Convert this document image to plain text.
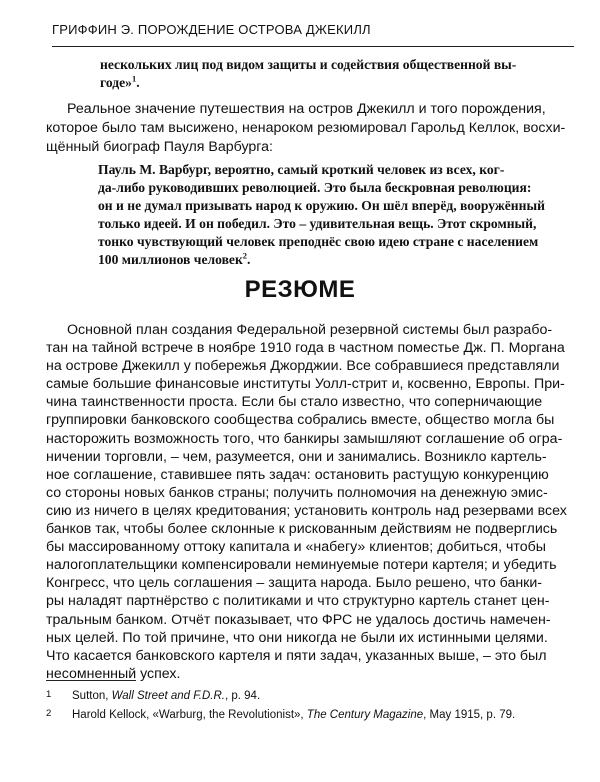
ГРИФФИН Э. ПОРОЖДЕНИЕ ОСТРОВА ДЖЕКИЛЛ
нескольких лиц под видом защиты и содействия общественной вы-
годе»$^1$.
Реальное значение путешествия на остров Джекилл и того порождения,
которое было там высижено, ненароком резюмировал Гарольд Келлок, восхи-
щённый биограф Пауля Варбурга:
Пауль М. Варбург, вероятно, самый кроткий человек из всех, ког-
да-либо руководивших революцией. Это была бескровная революция:
он и не думал призывать народ к оружию. Он шёл вперёд, вооружённый
только идеей. И он победил. Это – удивительная вещь. Этот скромный,
тонко чувствующий человек преподнёс свою идею стране с населением
100 миллионов человек$^2$.
РЕЗЮМЕ
Основной план создания Федеральной резервной системы был разрабо-
тан на тайной встрече в ноябре 1910 года в частном поместье Дж. П. Моргана
на острове Джекилл у побережья Джорджии. Все собравшиеся представляли
самые большие финансовые институты Уолл-стрит и, косвенно, Европы. При-
чина таинственности проста. Если бы стало известно, что соперничающие
группировки банковского сообщества собрались вместе, общество могла бы
насторожить возможность того, что банкиры замышляют соглашение об огра-
ничении торговли, – чем, разумеется, они и занимались. Возникло картель-
ное соглашение, ставившее пять задач: остановить растущую конкуренцию
со стороны новых банков страны; получить полномочия на денежную эмис-
сию из ничего в целях кредитования; установить контроль над резервами всех
банков так, чтобы более склонные к рискованным действиям не подверглись
бы массированному оттоку капитала и «набегу» клиентов; добиться, чтобы
налогоплательщики компенсировали неминуемые потери картеля; и убедить
Конгресс, что цель соглашения – защита народа. Было решено, что банки-
ры наладят партнёрство с политиками и что структурно картель станет цен-
тральным банком. Отчёт показывает, что ФРС не удалось достичь намечен-
ных целей. По той причине, что они никогда не были их истинными целями.
Что касается банковского картеля и пяти задач, указанных выше, – это был
несомненный успех.
1 Sutton, Wall Street and F.D.R., p. 94.
2 Harold Kellock, «Warburg, the Revolutionist», The Century Magazine, May 1915, p. 79.
